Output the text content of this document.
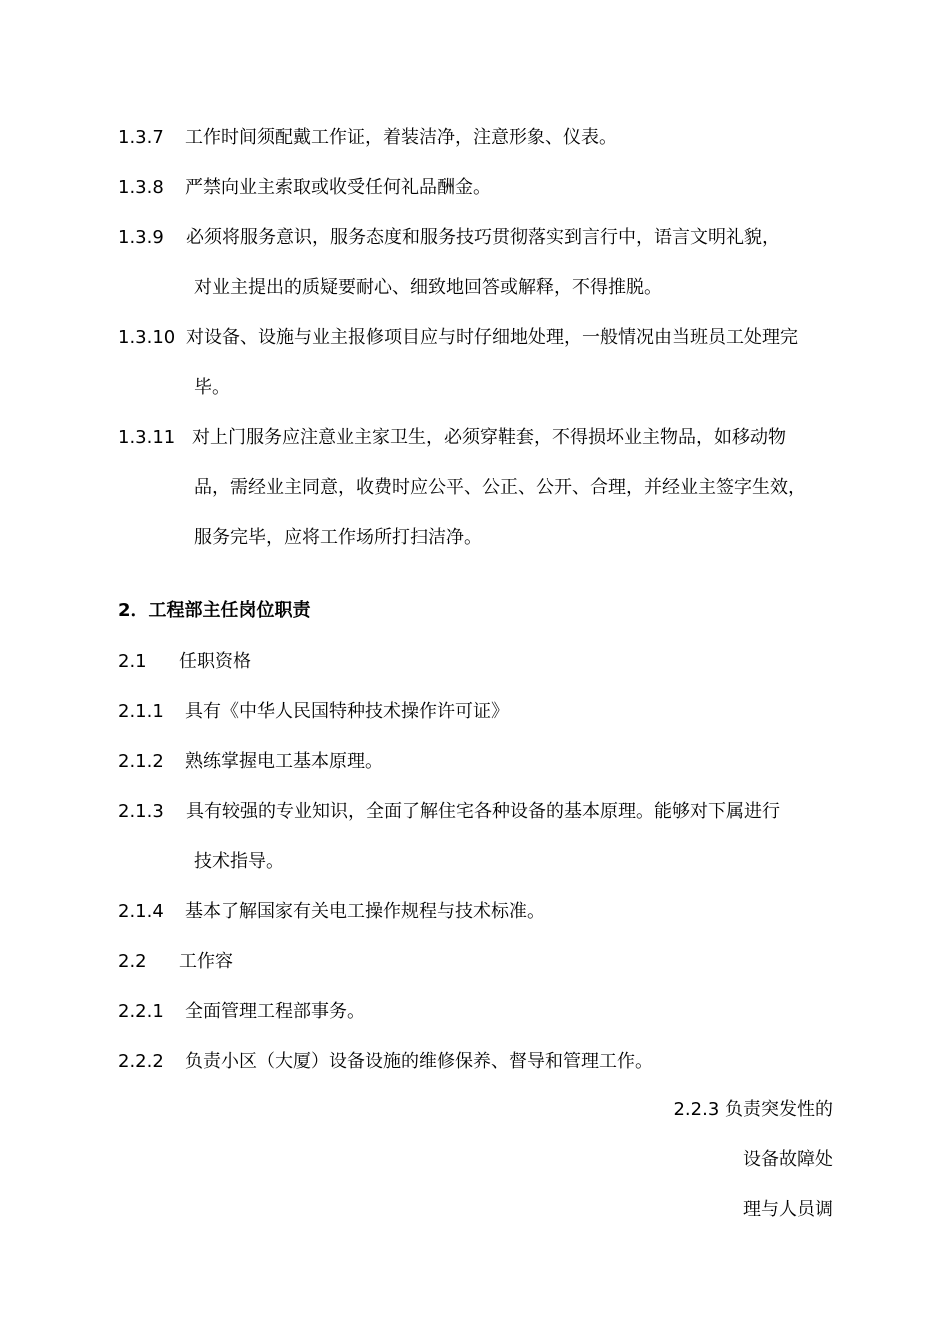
1.3.7 工作时间须配戴工作证，着装洁净，注意形象、仪表。
1.3.8 严禁向业主索取或收受任何礼品酬金。
1.3.9 必须将服务意识，服务态度和服务技巧贯彻落实到言行中，语言文明礼貌，
对业主提出的质疑要耐心、细致地回答或解释，不得推脱。
1.3.10 对设备、设施与业主报修项目应与时仔细地处理，一般情况由当班员工处理完
毕。
1.3.11 对上门服务应注意业主家卫生，必须穿鞋套，不得损坏业主物品，如移动物
品，需经业主同意，收费时应公平、公正、公开、合理，并经业主签字生效，
服务完毕，应将工作场所打扫洁净。
2．工程部主任岗位职责
2.1 任职资格
2.1.1 具有《中华人民国特种技术操作许可证》
2.1.2 熟练掌握电工基本原理。
2.1.3 具有较强的专业知识，全面了解住宅各种设备的基本原理。能够对下属进行
技术指导。
2.1.4 基本了解国家有关电工操作规程与技术标准。
2.2 工作容
2.2.1 全面管理工程部事务。
2.2.2 负责小区（大厦）设备设施的维修保养、督导和管理工作。
2.2.3 负责突发性的
设备故障处
理与人员调
